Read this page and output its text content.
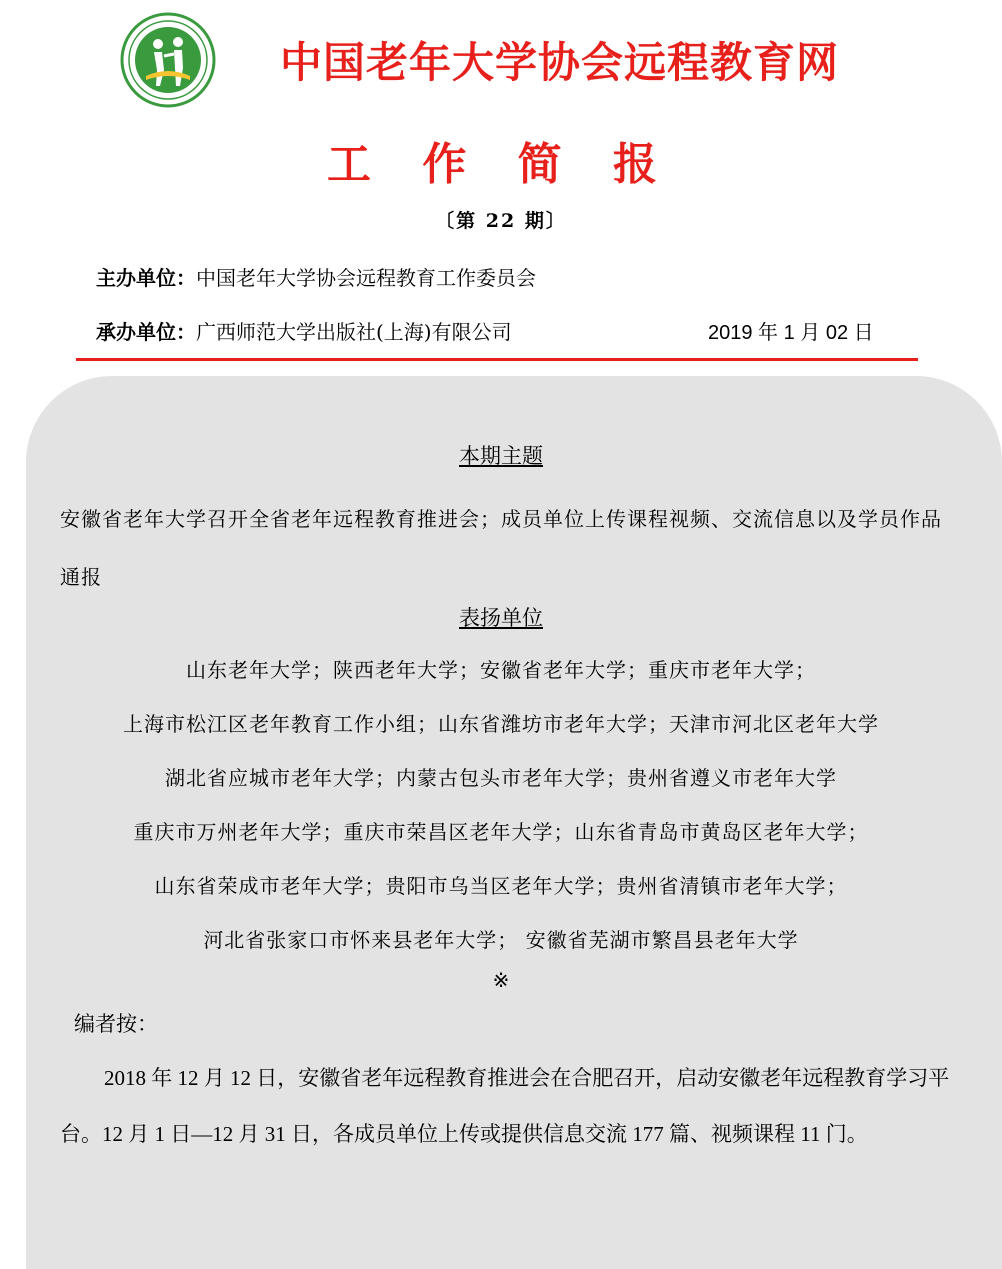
中国老年大学协会远程教育网
工 作 简 报
〔第 22 期〕
主办单位：中国老年大学协会远程教育工作委员会
承办单位：广西师范大学出版社(上海)有限公司	2019 年 1 月 02 日
本期主题
安徽省老年大学召开全省老年远程教育推进会；成员单位上传课程视频、交流信息以及学员作品通报
表扬单位
山东老年大学；陕西老年大学；安徽省老年大学；重庆市老年大学；
上海市松江区老年教育工作小组；山东省潍坊市老年大学；天津市河北区老年大学
湖北省应城市老年大学；内蒙古包头市老年大学；贵州省遵义市老年大学
重庆市万州老年大学；重庆市荣昌区老年大学；山东省青岛市黄岛区老年大学；
山东省荣成市老年大学；贵阳市乌当区老年大学；贵州省清镇市老年大学；
河北省张家口市怀来县老年大学； 安徽省芜湖市繁昌县老年大学
※
编者按：
2018 年 12 月 12 日，安徽省老年远程教育推进会在合肥召开，启动安徽老年远程教育学习平台。12 月 1 日—12 月 31 日，各成员单位上传或提供信息交流 177 篇、视频课程 11 门。
